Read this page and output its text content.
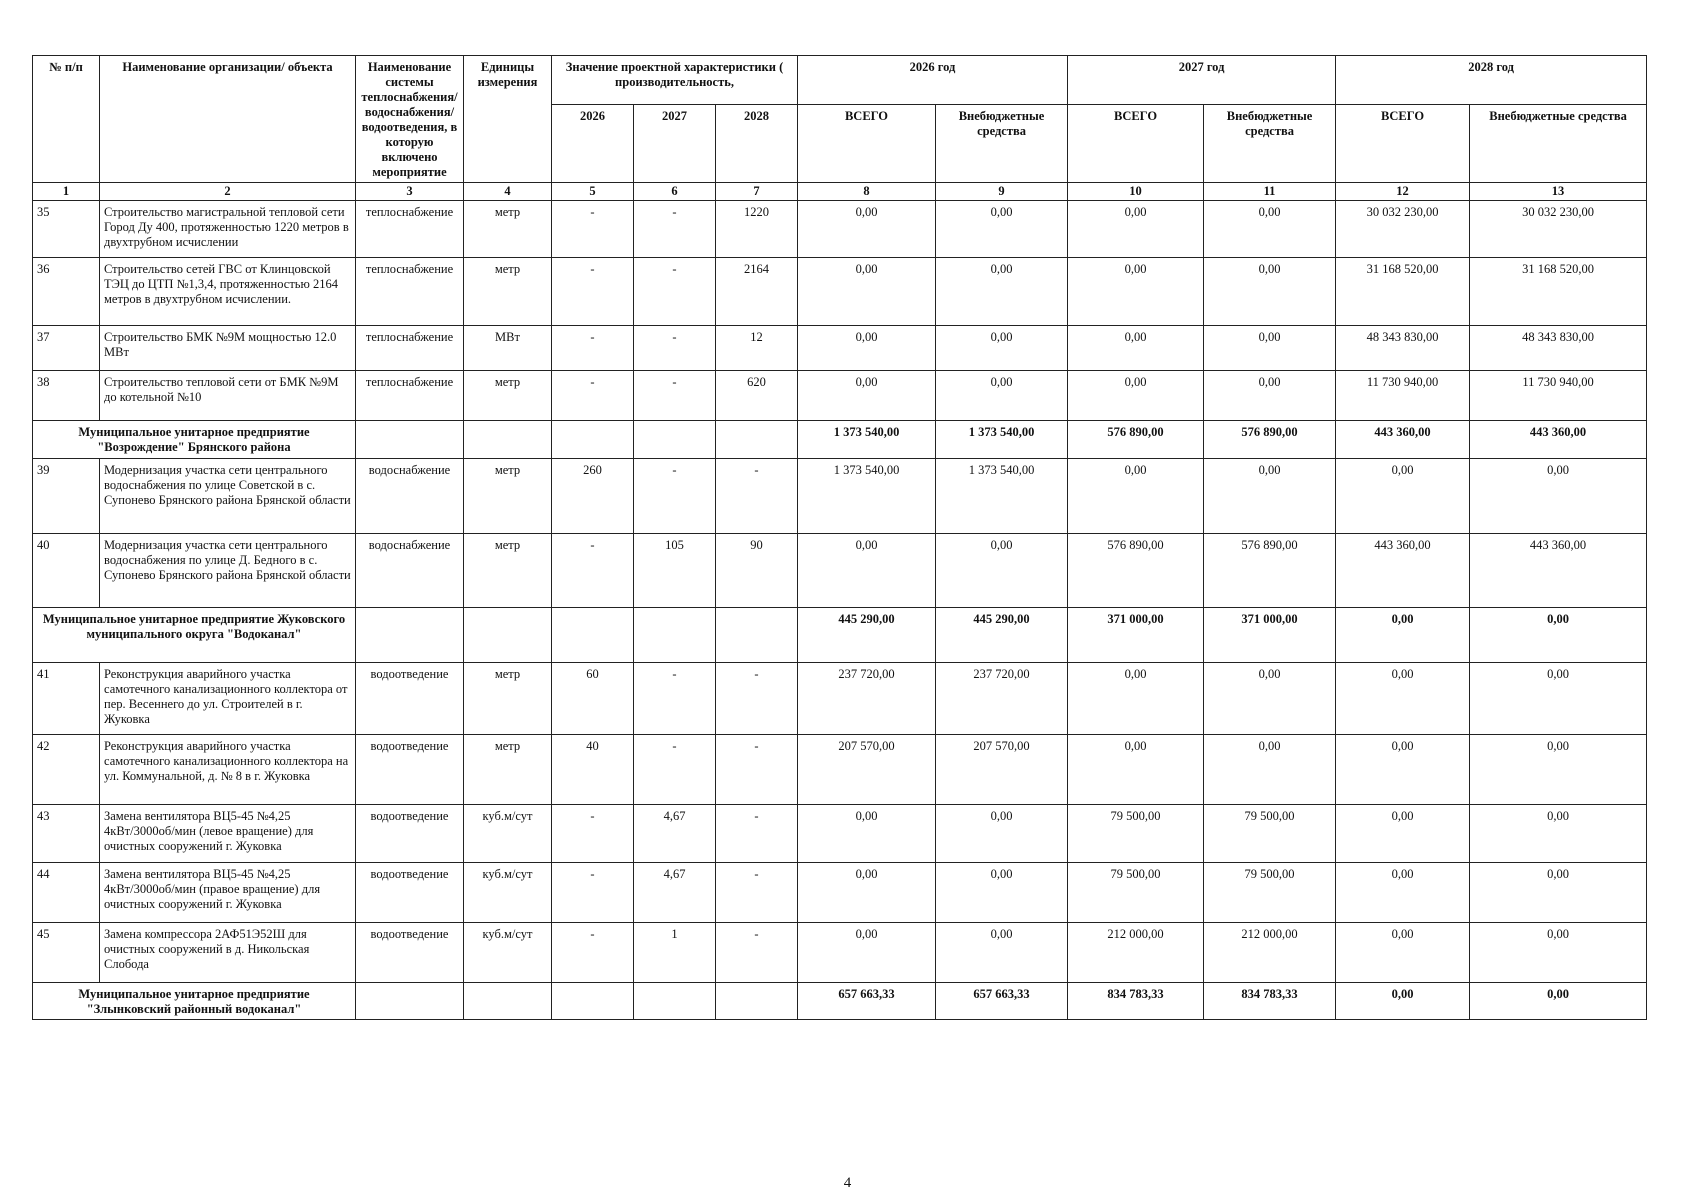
№ п/п	Наименование организации/ объекта	Наименование системы теплоснабжения/водоснабжения/водоотведения, в которую включено мероприятие	Единицы измерения	Значение проектной характеристики ( производительность,			2026 год		2027 год		2028 год	
				2026	2027	2028	ВСЕГО	Внебюджетные средства	ВСЕГО	Внебюджетные средства	ВСЕГО	Внебюджетные средства
1	2	3	4	5	6	7	8	9	10	11	12	13
35	Строительство магистральной тепловой сети Город Ду 400, протяженностью 1220 метров в двухтрубном исчислении	теплоснабжение	метр	-	-	1220	0,00	0,00	0,00	0,00	30 032 230,00	30 032 230,00
36	Строительство сетей ГВС от Клинцовской ТЭЦ до ЦТП №1,3,4, протяженностью 2164 метров в двухтрубном исчислении.	теплоснабжение	метр	-	-	2164	0,00	0,00	0,00	0,00	31 168 520,00	31 168 520,00
37	Строительство БМК №9М мощностью 12.0 МВт	теплоснабжение	МВт	-	-	12	0,00	0,00	0,00	0,00	48 343 830,00	48 343 830,00
38	Строительство тепловой сети от БМК №9М до котельной №10	теплоснабжение	метр	-	-	620	0,00	0,00	0,00	0,00	11 730 940,00	11 730 940,00
Муниципальное унитарное предприятие "Возрождение" Брянского района							1 373 540,00	1 373 540,00	576 890,00	576 890,00	443 360,00	443 360,00
39	Модернизация участка сети центрального водоснабжения по улице Советской в с. Супонево Брянского района Брянской области	водоснабжение	метр	260	-	-	1 373 540,00	1 373 540,00	0,00	0,00	0,00	0,00
40	Модернизация участка сети центрального водоснабжения по улице Д. Бедного в с. Супонево Брянского района Брянской области	водоснабжение	метр	-	105	90	0,00	0,00	576 890,00	576 890,00	443 360,00	443 360,00
Муниципальное унитарное предприятие Жуковского муниципального округа "Водоканал"							445 290,00	445 290,00	371 000,00	371 000,00	0,00	0,00
41	Реконструкция аварийного участка самотечного канализационного коллектора от пер. Весеннего до ул. Строителей в г. Жуковка	водоотведение	метр	60	-	-	237 720,00	237 720,00	0,00	0,00	0,00	0,00
42	Реконструкция аварийного участка самотечного канализационного коллектора на ул. Коммунальной, д. № 8 в г. Жуковка	водоотведение	метр	40	-	-	207 570,00	207 570,00	0,00	0,00	0,00	0,00
43	Замена вентилятора ВЦ5-45 №4,25 4кВт/3000об/мин (левое вращение) для очистных сооружений г. Жуковка	водоотведение	куб.м/сут	-	4,67	-	0,00	0,00	79 500,00	79 500,00	0,00	0,00
44	Замена вентилятора ВЦ5-45 №4,25 4кВт/3000об/мин (правое вращение) для очистных сооружений г. Жуковка	водоотведение	куб.м/сут	-	4,67	-	0,00	0,00	79 500,00	79 500,00	0,00	0,00
45	Замена компрессора 2АФ51Э52Ш для очистных сооружений в д. Никольская Слобода	водоотведение	куб.м/сут	-	1	-	0,00	0,00	212 000,00	212 000,00	0,00	0,00
Муниципальное унитарное предприятие "Злынковский районный водоканал"							657 663,33	657 663,33	834 783,33	834 783,33	0,00	0,00
4
